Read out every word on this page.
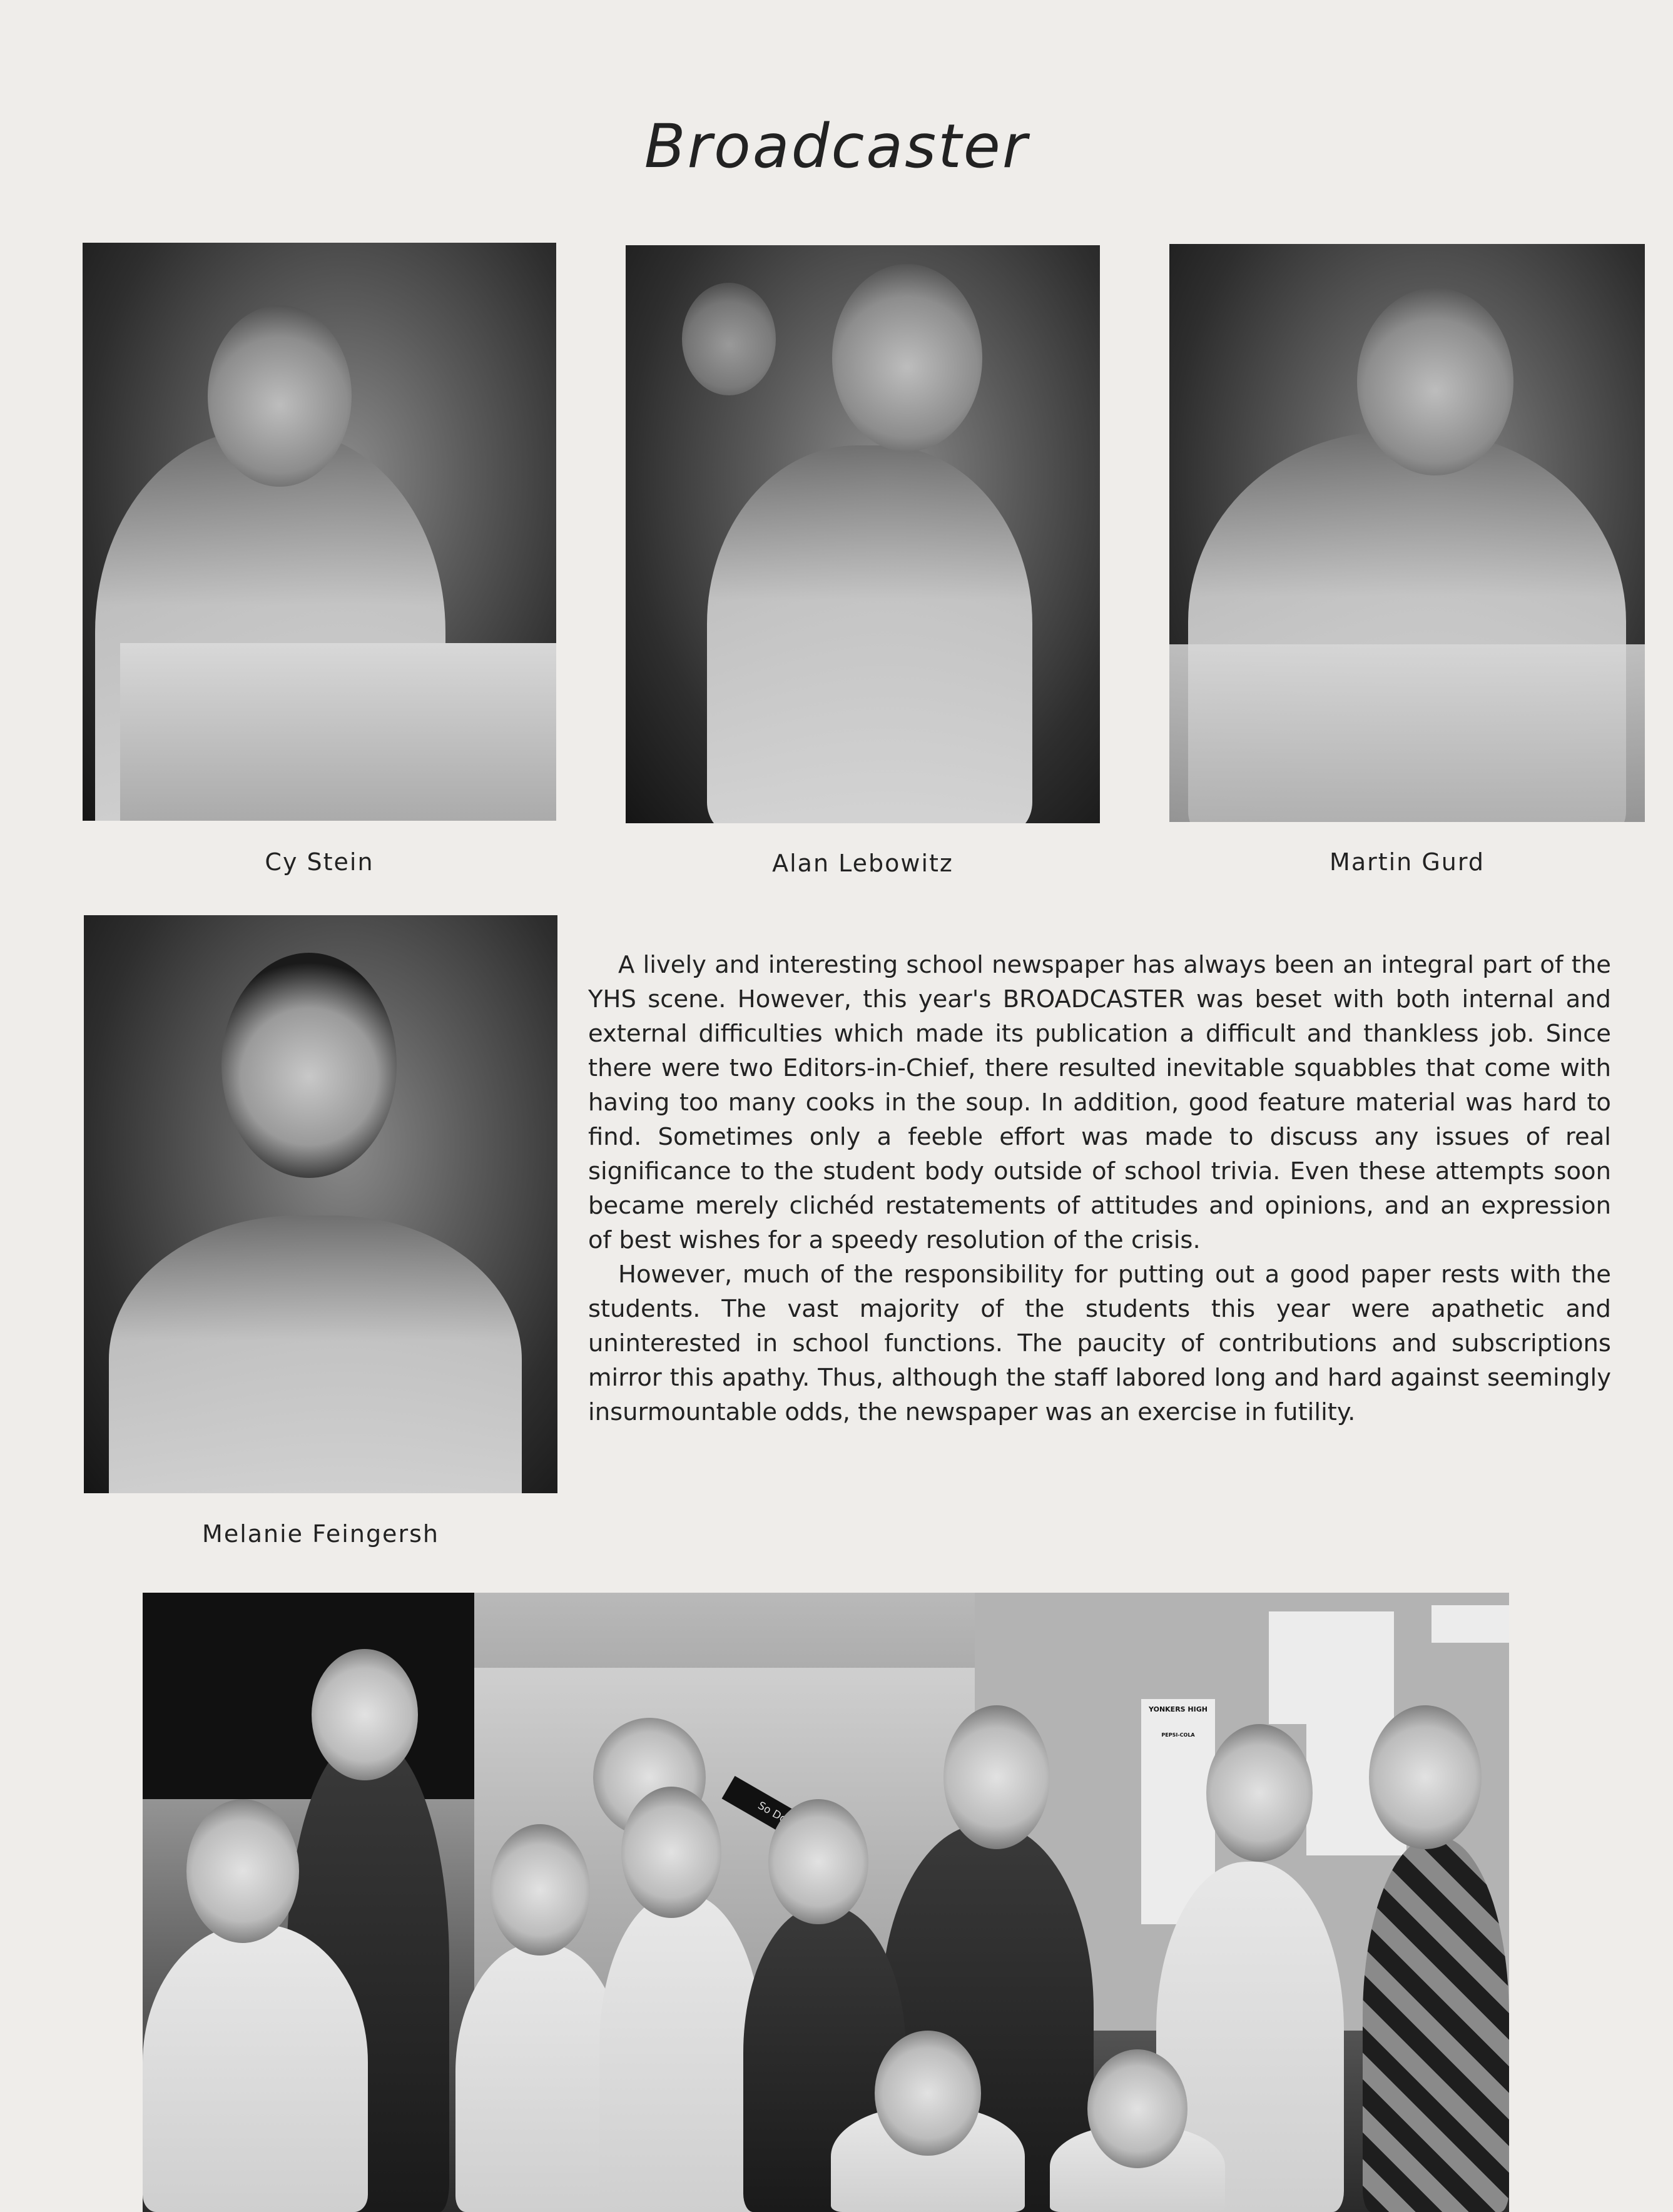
Broadcaster
Cy Stein	Alan Lebowitz	Martin Gurd
Melanie Feingersh

A lively and interesting school newspaper has always been an integral part of the YHS scene. However, this year's BROADCASTER was beset with both internal and external difficulties which made its publication a difficult and thankless job. Since there were two Editors-in-Chief, there resulted inevitable squabbles that come with having too many cooks in the soup. In addition, good feature material was hard to find. Sometimes only a feeble effort was made to discuss any issues of real significance to the student body outside of school trivia. Even these attempts soon became merely clichéd restatements of attitudes and opinions, and an expression of best wishes for a speedy resolution of the crisis.

However, much of the responsibility for putting out a good paper rests with the students. The vast majority of the students this year were apathetic and uninterested in school functions. The paucity of contributions and subscriptions mirror this apathy. Thus, although the staff labored long and hard against seemingly insurmountable odds, the newspaper was an exercise in futility.

YONKERS HIGH
PEPSI-COLA
So Do
